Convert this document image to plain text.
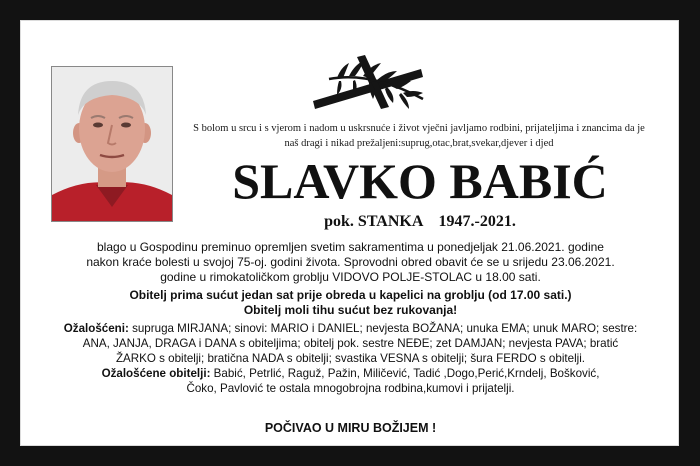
S bolom u srcu i s vjerom i nadom u uskrsnuće i život vječni javljamo rodbini, prijateljima i znancima da je naš dragi i nikad prežaljeni:suprug,otac,brat,svekar,djever i djed

SLAVKO BABIĆ
pok. STANKA    1947.-2021.

blago u Gospodinu preminuo opremljen svetim sakramentima u ponedjeljak 21.06.2021. godine

nakon kraće bolesti u svojoj 75-oj. godini života. Sprovodni obred obavit će se u srijedu 23.06.2021.

godine u rimokatoličkom groblju VIDOVO POLJE-STOLAC u 18.00 sati.

Obitelj prima sućut jedan sat prije obreda u kapelici na groblju (od 17.00 sati.)

Obitelj moli tihu sućut bez rukovanja!

Ožalošćeni: supruga MIRJANA; sinovi: MARIO i DANIEL; nevjesta BOŽANA; unuka EMA; unuk MARO; sestre:

ANA, JANJA, DRAGA i DANA s obiteljima; obitelj pok. sestre NEĐE; zet DAMJAN; nevjesta PAVA; bratić

ŽARKO s obitelji; bratična NADA s obitelji; svastika VESNA s obitelji; šura FERDO s obitelji.

Ožalošćene obitelji: Babić, Petrlić, Raguž, Pažin, Miličević, Tadić ,Dogo,Perić,Krndelj, Bošković,

Čoko, Pavlović te ostala mnogobrojna rodbina,kumovi i prijatelji.

POČIVAO U MIRU BOŽIJEM !
